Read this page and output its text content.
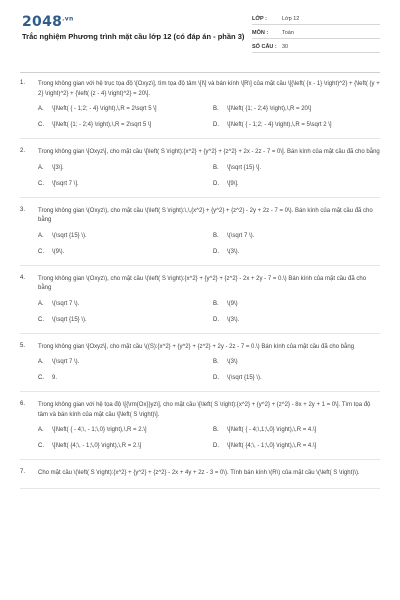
$2048^{.vn}$
Trắc nghiệm Phương trình mặt cầu lớp 12 (có đáp án - phần 3)
LỚP :	Lớp 12
MÔN :	Toán
SỐ CÂU : 30
1. Trong không gian với hệ trục tọa độ \[Oxyz\], tìm tọa độ tâm \[I\] và bán kính \[R\] của mặt cầu \[{\left( {x - 1} \right)^2} + {\left( {y + 2} \right)^2} + {\left( {z - 4} \right)^2} = 20\].
A.	\[I\left( { - 1;2; - 4} \right),\,R = 2\sqrt 5 \]	B.	\[I\left( {1; - 2;4} \right),\,R = 20\]
C.	\[I\left( {1; - 2;4} \right),\,R = 2\sqrt 5 \]	D.	\[I\left( { - 1;2; - 4} \right),\,R = 5\sqrt 2 \]
2. Trong không gian \[Oxyz\], cho mặt cầu \[\left( S \right):{x^2} + {y^2} + {z^2} + 2x - 2z - 7 = 0\]. Bán kính của mặt cầu đã cho bằng
A.	\[3\].	B.	\[\sqrt {15} \].
C.	\[\sqrt 7 \].	D.	\[9\].
3. Trong không gian \(Oxyz\), cho mặt cầu \(\left( S \right):\,\,{x^2} + {y^2} + {z^2} - 2y + 2z - 7 = 0\). Bán kính của mặt cầu đã cho bằng
A.	\(\sqrt {15} \).	B.	\(\sqrt 7 \).
C.	\(9\).	D.	\(3\).
4. Trong không gian \(Oxyz\), cho mặt cầu \(\left( S \right):{x^2} + {y^2} + {z^2} - 2x + 2y - 7 = 0.\) Bán kính của mặt cầu đã cho bằng
A.	\(\sqrt 7 \).	B.	\(9\)
C.	\(\sqrt {15} \).	D.	\(3\).
5. Trong không gian \[Oxyz\], cho mặt cầu \((S):{x^2} + {y^2} + {z^2} + 2y - 2z - 7 = 0.\) Bán kính của mặt cầu đã cho bằng
A.	\(\sqrt 7 \).	B.	\(3\)
C.	9.	D.	\(\sqrt {15} \).
6. Trong không gian với hệ tọa độ \[{\rm{Ox}}yz\], cho mặt cầu \[\left( S \right):{x^2} + {y^2} + {z^2} - 8x + 2y + 1 = 0\]. Tìm tọa độ tâm và bán kính của mặt cầu \[\left( S \right)\].
A.	\[I\left( { - 4;\, - 1;\,0} \right),\,R = 2.\]	B.	\[I\left( { - 4;\,1;\,0} \right),\,R = 4.\]
C.	\[I\left( {4;\, - 1;\,0} \right),\,R = 2.\]	D.	\[I\left( {4;\, - 1;\,0} \right),\,R = 4.\]
7. Cho mặt cầu \(\left( S \right):{x^2} + {y^2} + {z^2} - 2x + 4y + 2z - 3 = 0\). Tính bán kính \(R\) của mặt cầu \(\left( S \right)\).
